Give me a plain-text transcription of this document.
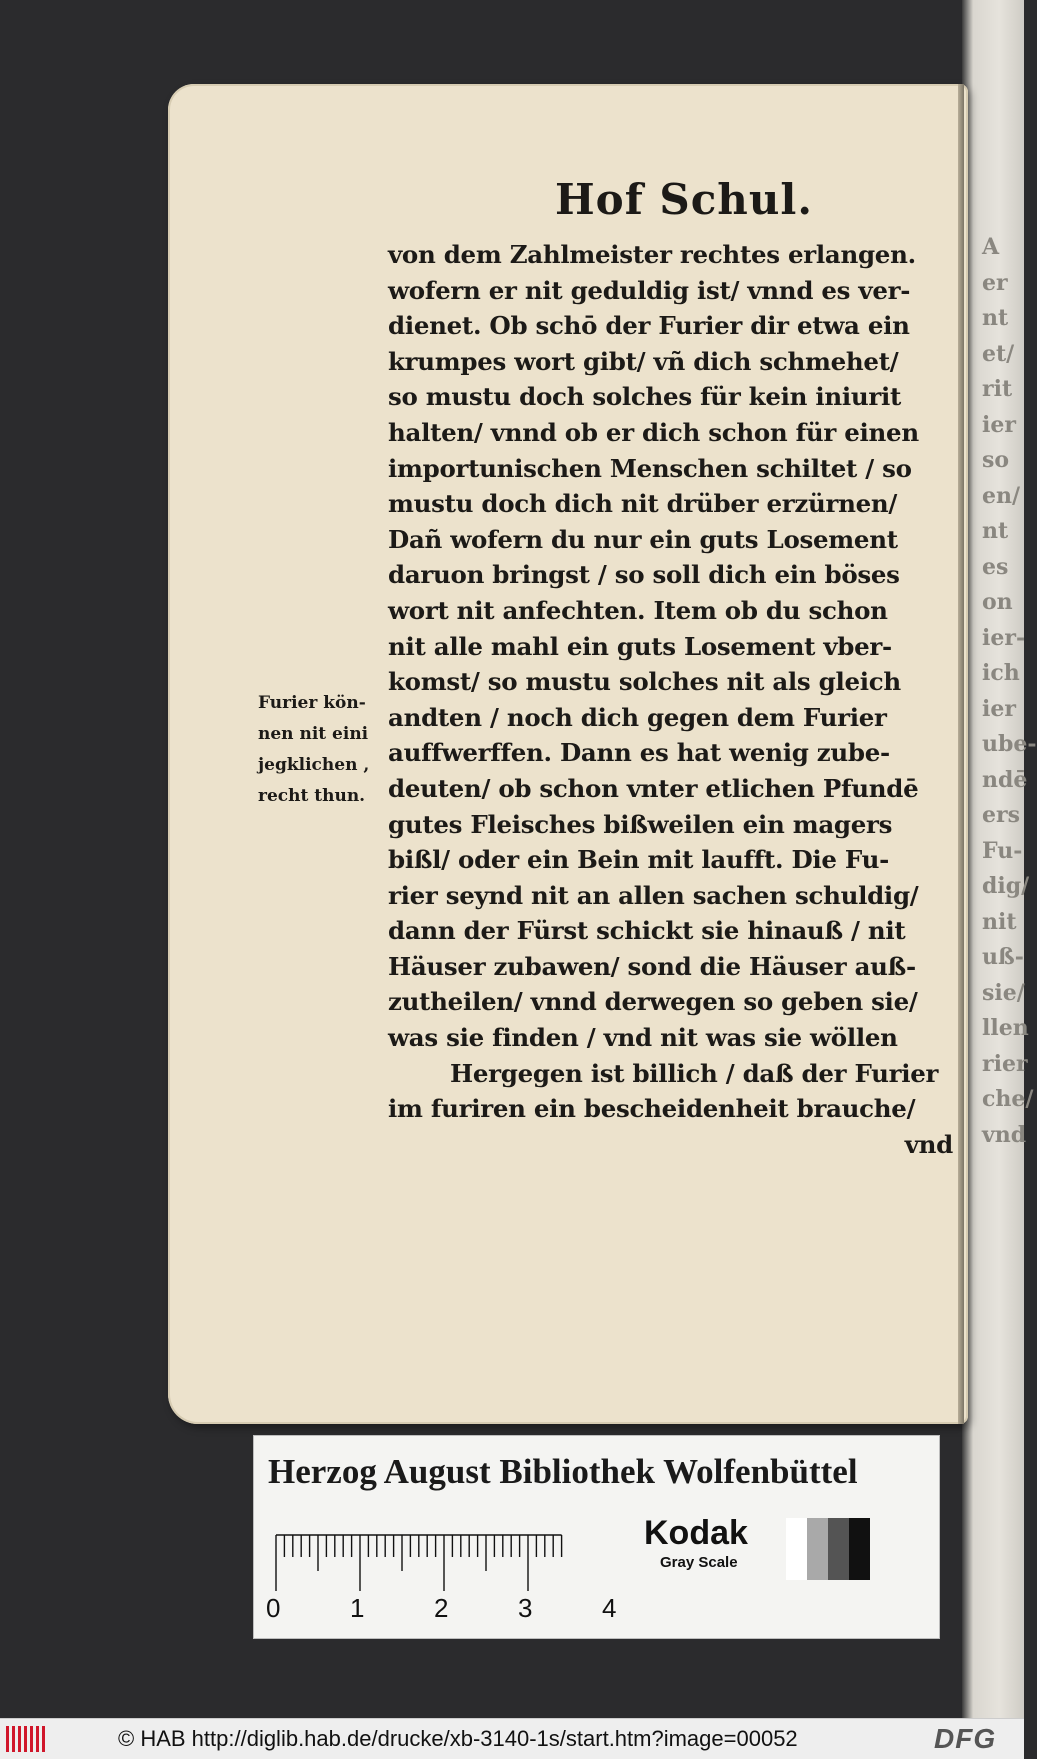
A
er
nt
et/
rit
ier
so
en/
nt
es
on
ier-
ich
ier
ube-
ndē
ers
Fu-
dig/
nit
uß-
sie/
llen
rier
che/
vnd
Hof Schul.
von dem Zahlmeister rechtes erlangen.
wofern er nit geduldig ist/ vnnd es ver-
dienet. Ob schō der Furier dir etwa ein
krumpes wort gibt/ vñ dich schmehet/
so mustu doch solches für kein iniurit
halten/ vnnd ob er dich schon für einen
importunischen Menschen schiltet / so
mustu doch dich nit drüber erzürnen/
Dañ wofern du nur ein guts Losement
daruon bringst / so soll dich ein böses
wort nit anfechten. Item ob du schon
nit alle mahl ein guts Losement vber-
komst/ so mustu solches nit als gleich
andten / noch dich gegen dem Furier
auffwerffen. Dann es hat wenig zube-
deuten/ ob schon vnter etlichen Pfundē
gutes Fleisches bißweilen ein magers
bißl/ oder ein Bein mit laufft. Die Fu-
rier seynd nit an allen sachen schuldig/
dann der Fürst schickt sie hinauß / nit
Häuser zubawen/ sond die Häuser auß-
zutheilen/ vnnd derwegen so geben sie/
was sie finden / vnd nit was sie wöllen
Hergegen ist billich / daß der Furier
im furiren ein bescheidenheit brauche/
vnd
Furier kön-
nen nit eini
jegklichen ,
recht thun.
Herzog August Bibliothek Wolfenbüttel
0	1	2	3	4
Kodak
Gray Scale
© HAB http://diglib.hab.de/drucke/xb-3140-1s/start.htm?image=00052	DFG
